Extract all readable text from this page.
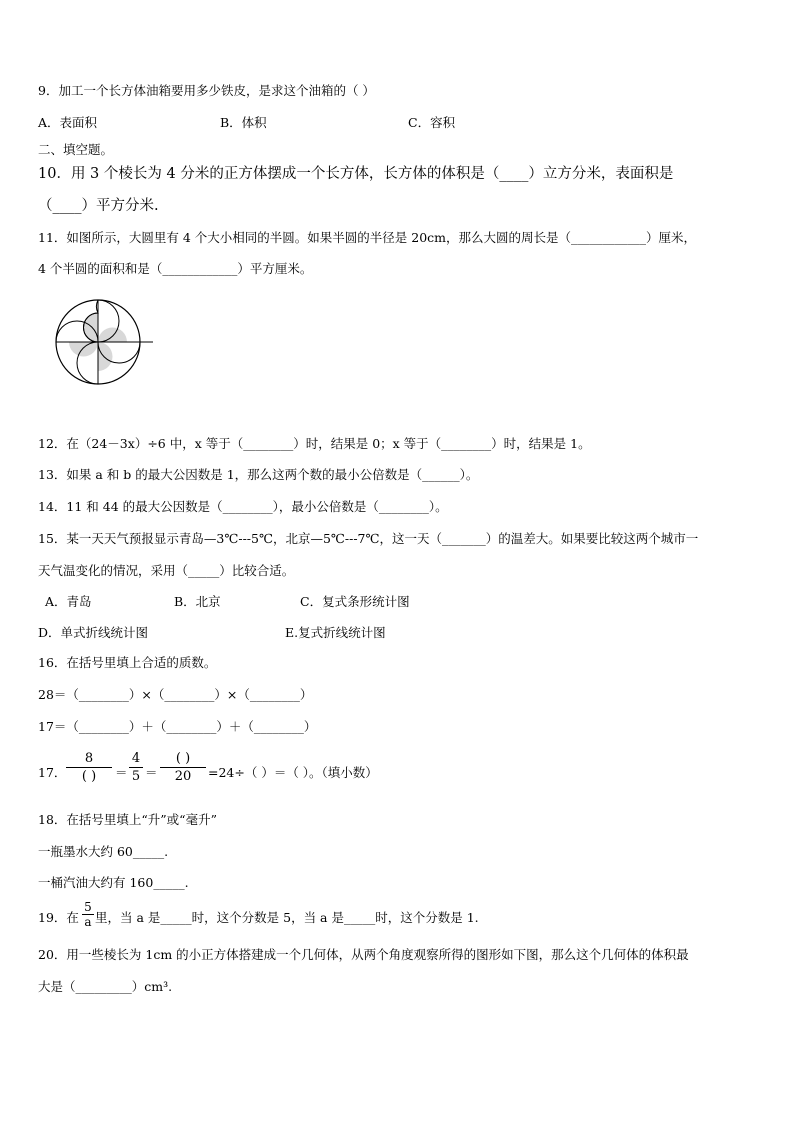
9．加工一个长方体油箱要用多少铁皮，是求这个油箱的（ ）
A．表面积	B．体积	C．容积
二、填空题。
10．用 3 个棱长为 4 分米的正方体摆成一个长方体，长方体的体积是（____）立方分米，表面积是
（____）平方分米.
11．如图所示，大圆里有 4 个大小相同的半圆。如果半圆的半径是 20cm，那么大圆的周长是（____________）厘米，
4 个半圆的面积和是（____________）平方厘米。
12．在（24－3x）÷6 中，x 等于（________）时，结果是 0；x 等于（________）时，结果是 1。
13．如果 a 和 b 的最大公因数是 1，那么这两个数的最小公倍数是（______）。
14．11 和 44 的最大公因数是（________），最小公倍数是（________）。
15．某一天天气预报显示青岛—3℃---5℃，北京—5℃---7℃，这一天（_______）的温差大。如果要比较这两个城市一
天气温变化的情况，采用（_____）比较合适。
A．青岛	B．北京	C．复式条形统计图
D．单式折线统计图	E.复式折线统计图
16．在括号里填上合适的质数。
28＝（________）×（________）×（________）
17＝（________）＋（________）＋（________）
17．
8
( )	＝
4
5 ＝
( )
20	=24÷（ ）＝（ ）。（填小数）
18．在括号里填上“升”或“毫升”
一瓶墨水大约 60_____.
一桶汽油大约有 160_____.
19．在
5
a 里，当 a 是_____时，这个分数是 5，当 a 是_____时，这个分数是 1.
20．用一些棱长为 1cm 的小正方体搭建成一个几何体，从两个角度观察所得的图形如下图，那么这个几何体的体积最
大是（_________）cm³.
